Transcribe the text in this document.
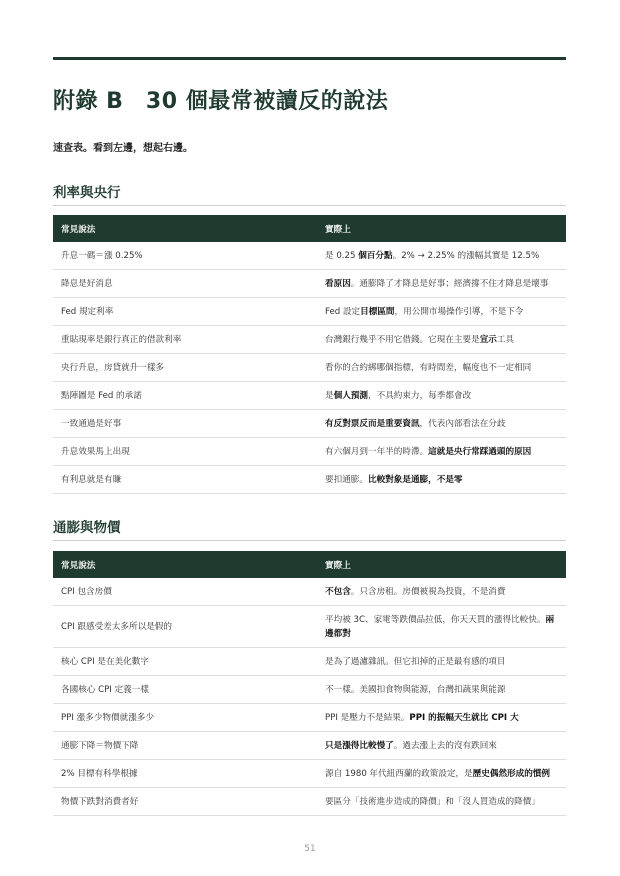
附錄 B　30 個最常被讀反的說法
速查表。看到左邊，想起右邊。
利率與央行
常見說法	實際上
升息一碼＝漲 0.25%	是 0.25 個百分點。2% → 2.25% 的漲幅其實是 12.5%
降息是好消息	看原因。通膨降了才降息是好事；經濟撐不住才降息是壞事
Fed 規定利率	Fed 設定目標區間，用公開市場操作引導，不是下令
重貼現率是銀行真正的借款利率	台灣銀行幾乎不用它借錢。它現在主要是宣示工具
央行升息，房貸就升一樣多	看你的合約綁哪個指標，有時間差，幅度也不一定相同
點陣圖是 Fed 的承諾	是個人預測，不具約束力，每季都會改
一致通過是好事	有反對票反而是重要資訊，代表內部看法在分歧
升息效果馬上出現	有六個月到一年半的時滯。這就是央行常踩過頭的原因
有利息就是有賺	要扣通膨。比較對象是通膨，不是零
通膨與物價
常見說法	實際上
CPI 包含房價	不包含。只含房租。房價被視為投資，不是消費
CPI 跟感受差太多所以是假的	平均被 3C、家電等跌價品拉低，你天天買的漲得比較快。兩邊都對
核心 CPI 是在美化數字	是為了過濾雜訊。但它扣掉的正是最有感的項目
各國核心 CPI 定義一樣	不一樣。美國扣食物與能源，台灣扣蔬果與能源
PPI 漲多少物價就漲多少	PPI 是壓力不是結果。PPI 的振幅天生就比 CPI 大
通膨下降＝物價下降	只是漲得比較慢了。過去漲上去的沒有跌回來
2% 目標有科學根據	源自 1980 年代紐西蘭的政策設定，是歷史偶然形成的慣例
物價下跌對消費者好	要區分「技術進步造成的降價」和「沒人買造成的降價」
51
